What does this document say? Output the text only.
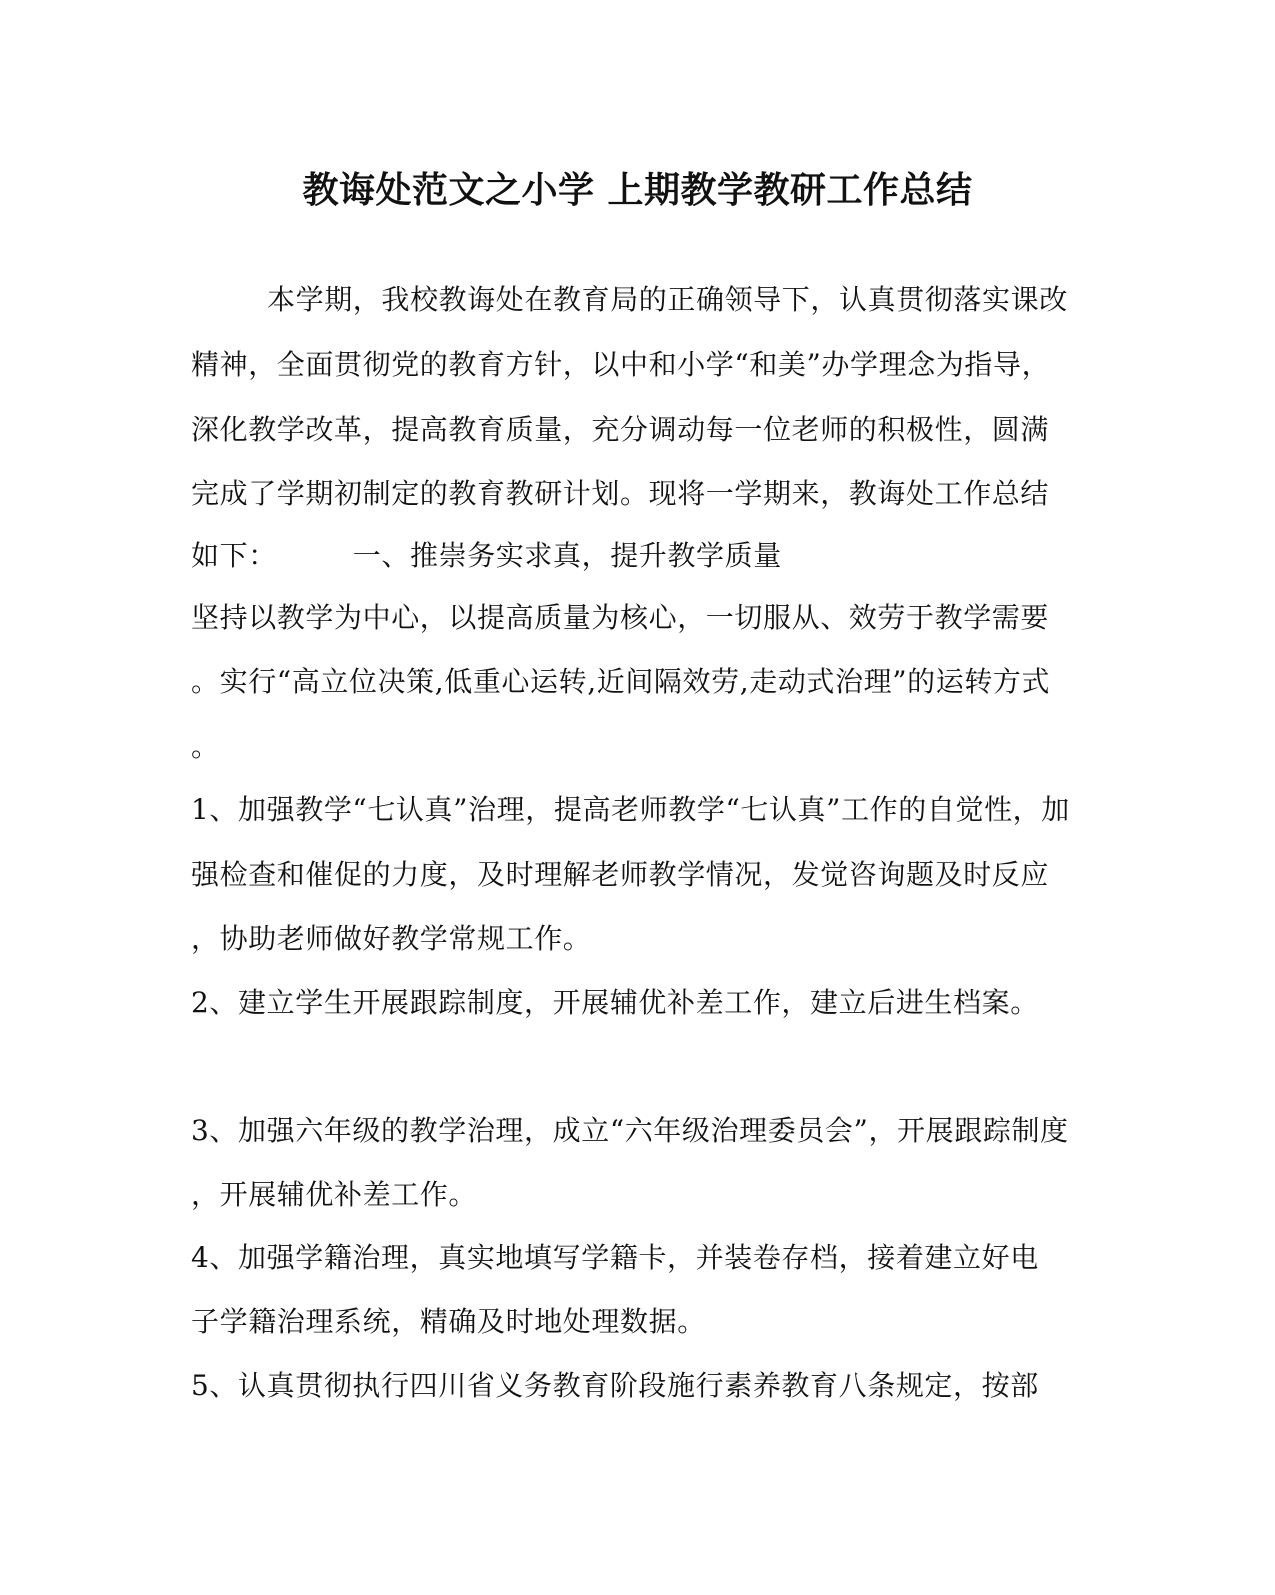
教诲处范文之小学 上期教学教研工作总结
本学期，我校教诲处在教育局的正确领导下，认真贯彻落实课改
精神，全面贯彻党的教育方针，以中和小学“和美”办学理念为指导，
深化教学改革，提高教育质量，充分调动每一位老师的积极性，圆满
完成了学期初制定的教育教研计划。现将一学期来，教诲处工作总结
如下：        一、推崇务实求真，提升教学质量
坚持以教学为中心，以提高质量为核心，一切服从、效劳于教学需要
。实行“高立位决策,低重心运转,近间隔效劳,走动式治理”的运转方式
。
1、加强教学“七认真”治理，提高老师教学“七认真”工作的自觉性，加
强检查和催促的力度，及时理解老师教学情况，发觉咨询题及时反应
，协助老师做好教学常规工作。
2、建立学生开展跟踪制度，开展辅优补差工作，建立后进生档案。
3、加强六年级的教学治理，成立“六年级治理委员会”，开展跟踪制度
，开展辅优补差工作。
4、加强学籍治理，真实地填写学籍卡，并装卷存档，接着建立好电
子学籍治理系统，精确及时地处理数据。
5、认真贯彻执行四川省义务教育阶段施行素养教育八条规定，按部
